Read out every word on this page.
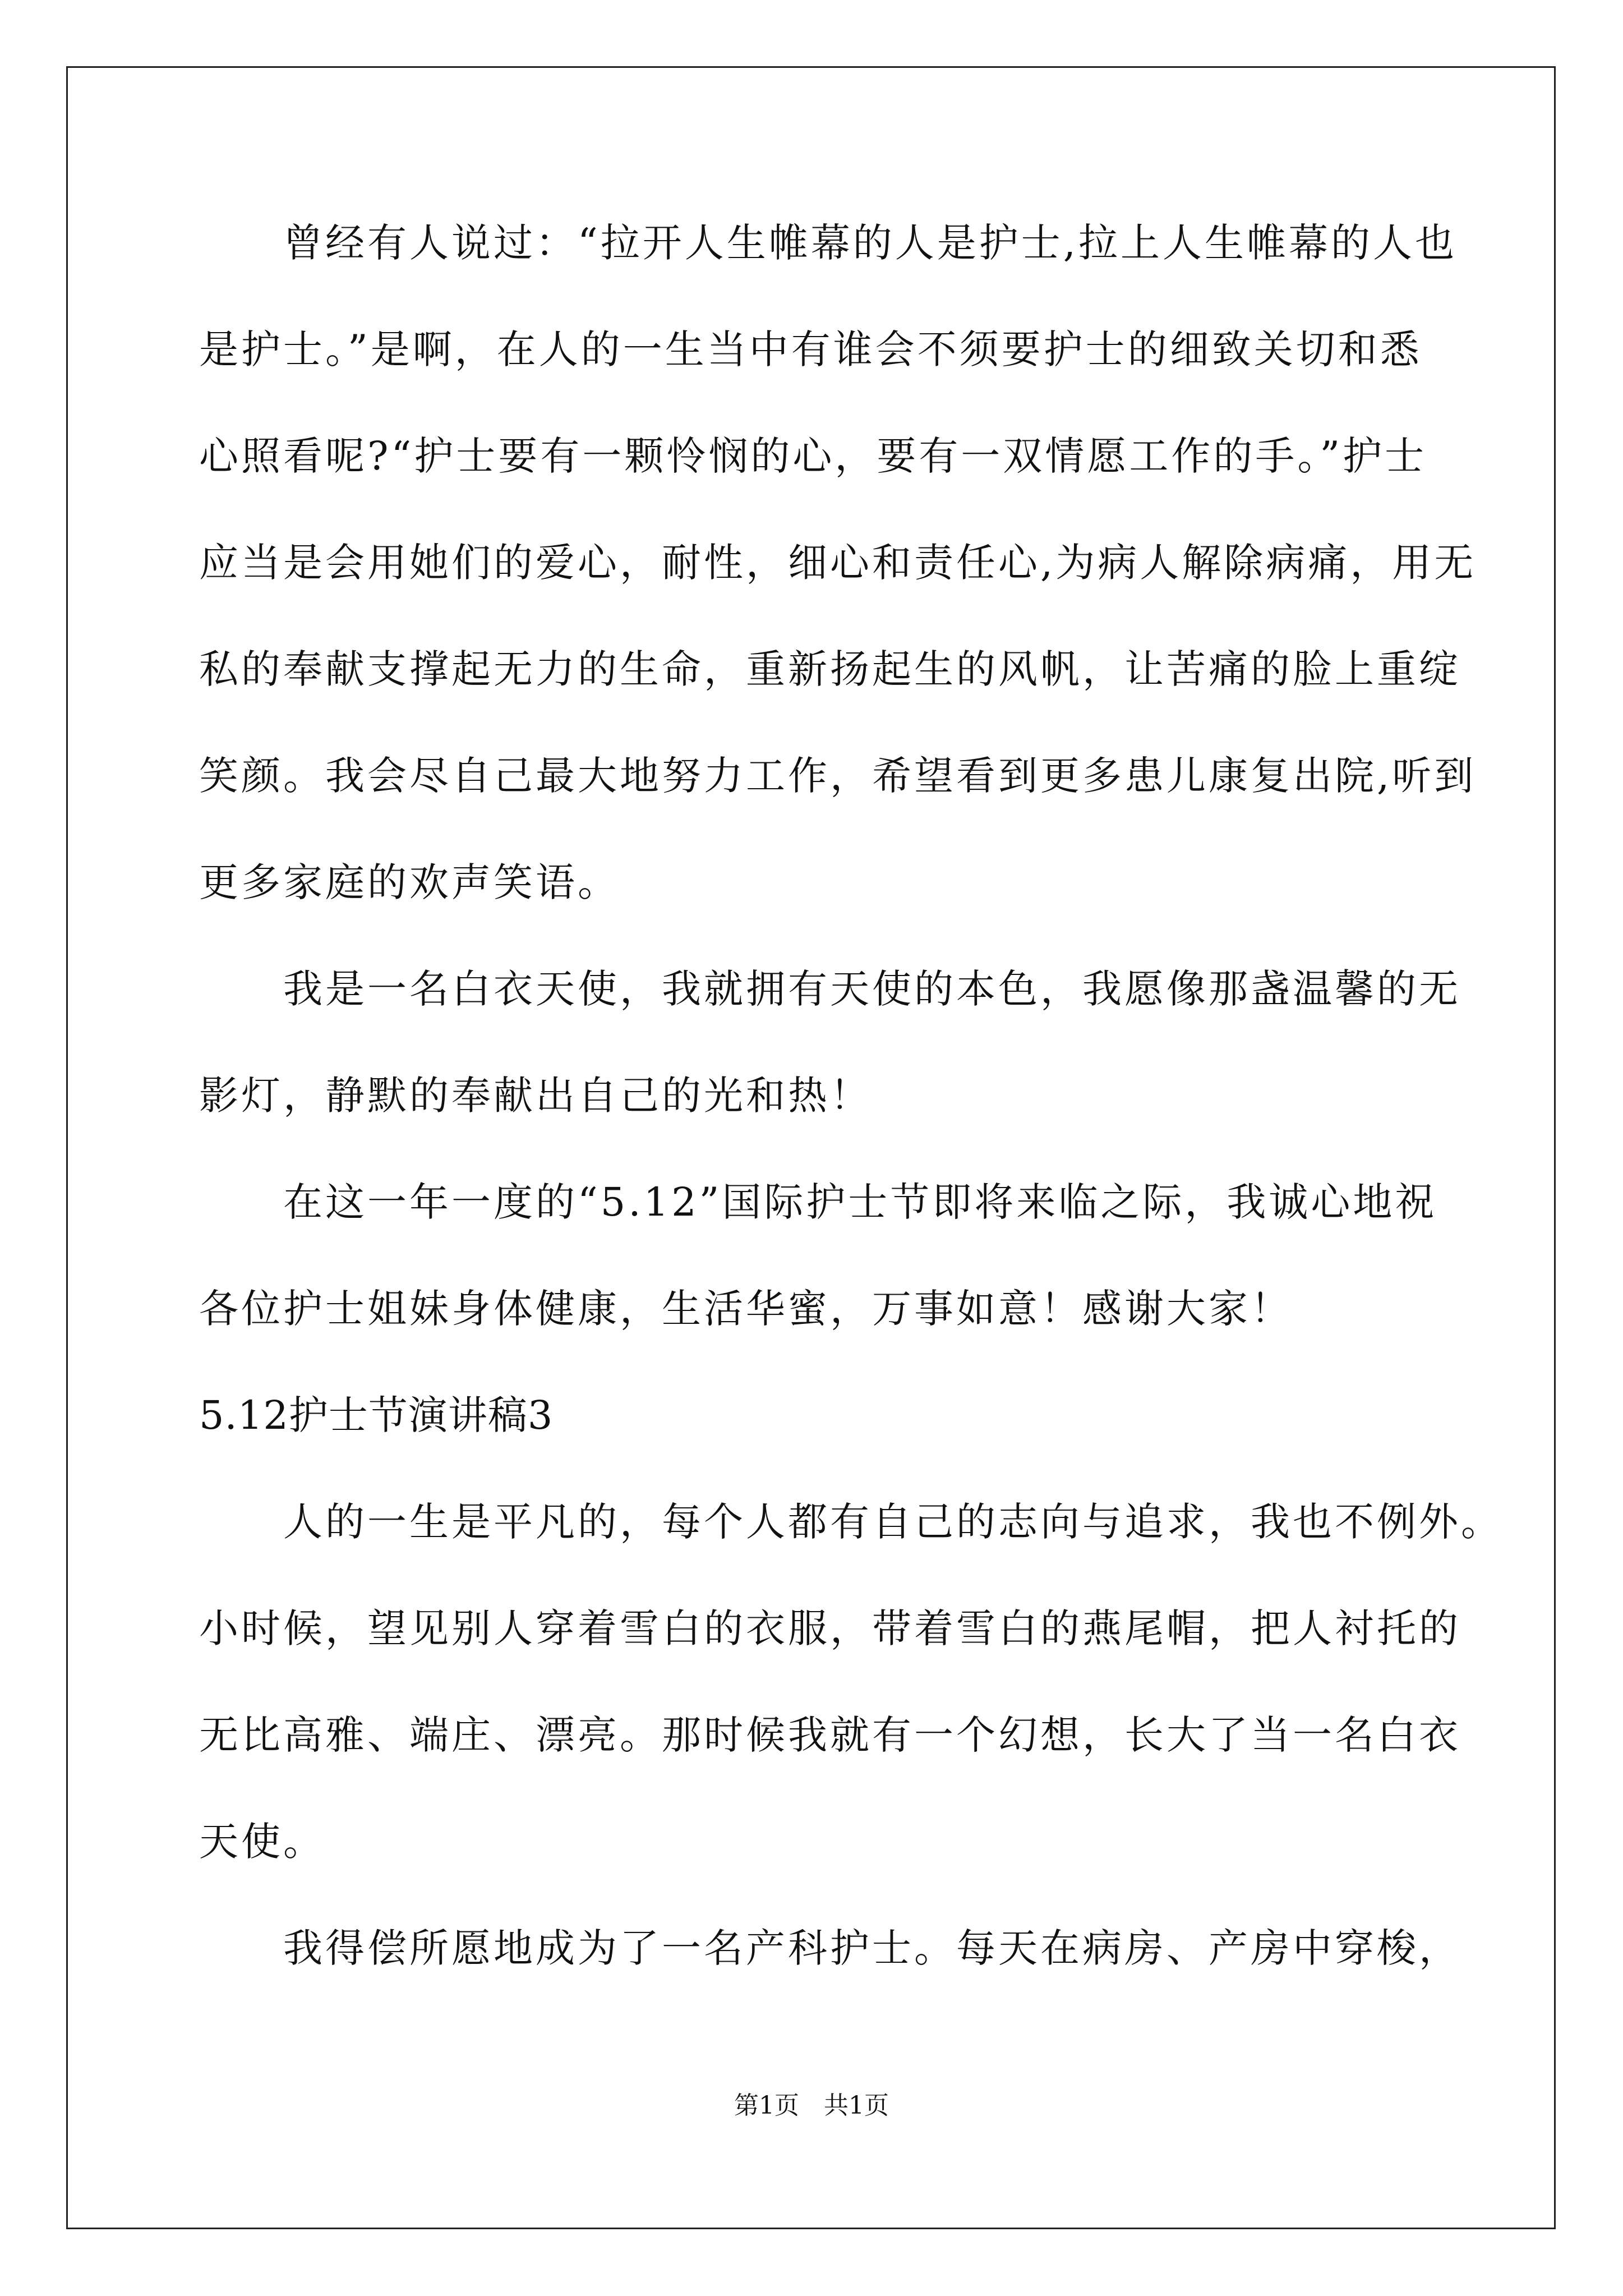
曾经有人说过：“拉开人生帷幕的人是护士,拉上人生帷幕的人也
是护士。”是啊，在人的一生当中有谁会不须要护士的细致关切和悉
心照看呢?“护士要有一颗怜悯的心，要有一双情愿工作的手。”护士
应当是会用她们的爱心，耐性，细心和责任心,为病人解除病痛，用无
私的奉献支撑起无力的生命，重新扬起生的风帆，让苦痛的脸上重绽
笑颜。我会尽自己最大地努力工作，希望看到更多患儿康复出院,听到
更多家庭的欢声笑语。
我是一名白衣天使，我就拥有天使的本色，我愿像那盏温馨的无
影灯，静默的奉献出自己的光和热！
在这一年一度的“5.12”国际护士节即将来临之际，我诚心地祝
各位护士姐妹身体健康，生活华蜜，万事如意！感谢大家！
5.12护士节演讲稿3
人的一生是平凡的，每个人都有自己的志向与追求，我也不例外。
小时候，望见别人穿着雪白的衣服，带着雪白的燕尾帽，把人衬托的
无比高雅、端庄、漂亮。那时候我就有一个幻想，长大了当一名白衣
天使。
我得偿所愿地成为了一名产科护士。每天在病房、产房中穿梭，
第1页　共1页
